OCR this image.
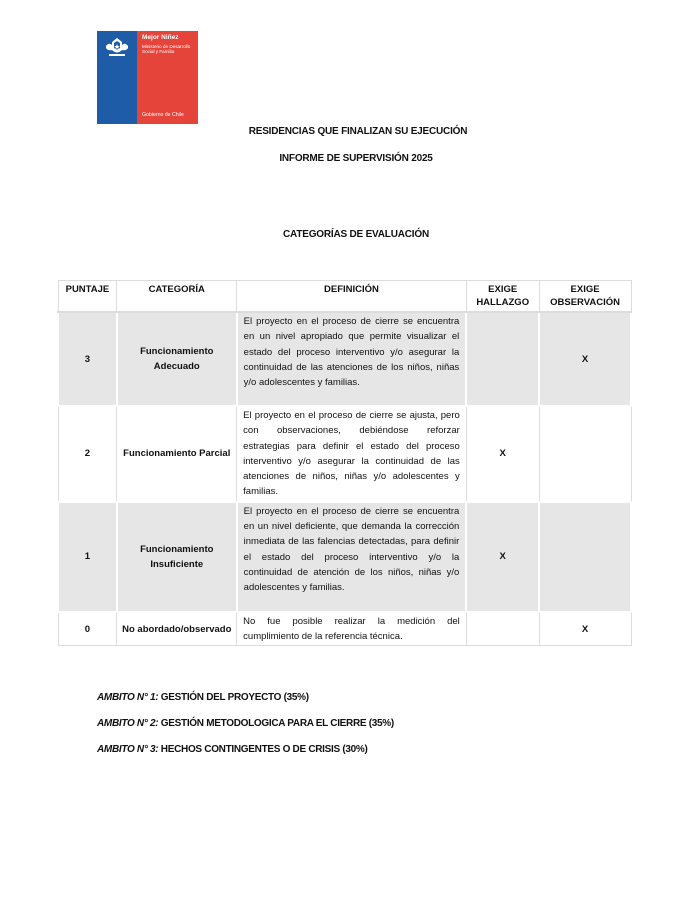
Mejor Niñez
Ministerio de Desarrollo Social y Familia
Gobierno de Chile
RESIDENCIAS QUE FINALIZAN SU EJECUCIÓN
INFORME DE SUPERVISIÓN 2025
CATEGORÍAS DE EVALUACIÓN
PUNTAJE	CATEGORÍA	DEFINICIÓN	EXIGE HALLAZGO	EXIGE OBSERVACIÓN
3	Funcionamiento Adecuado	El proyecto en el proceso de cierre se encuentra en un nivel apropiado que permite visualizar el estado del proceso interventivo y/o asegurar la continuidad de las atenciones de los niños, niñas y/o adolescentes y familias.		X
2	Funcionamiento Parcial	El proyecto en el proceso de cierre se ajusta, pero con observaciones, debiéndose reforzar estrategias para definir el estado del proceso interventivo y/o asegurar la continuidad de las atenciones de niños, niñas y/o adolescentes y familias.	X	
1	Funcionamiento Insuficiente	El proyecto en el proceso de cierre se encuentra en un nivel deficiente, que demanda la corrección inmediata de las falencias detectadas, para definir el estado del proceso interventivo y/o la continuidad de atención de los niños, niñas y/o adolescentes y familias.	X	
0	No abordado/observado	No fue posible realizar la medición del cumplimiento de la referencia técnica.		X
AMBITO N° 1: GESTIÓN DEL PROYECTO (35%)
AMBITO N° 2: GESTIÓN METODOLOGICA PARA EL CIERRE (35%)
AMBITO N° 3: HECHOS CONTINGENTES O DE CRISIS (30%)
